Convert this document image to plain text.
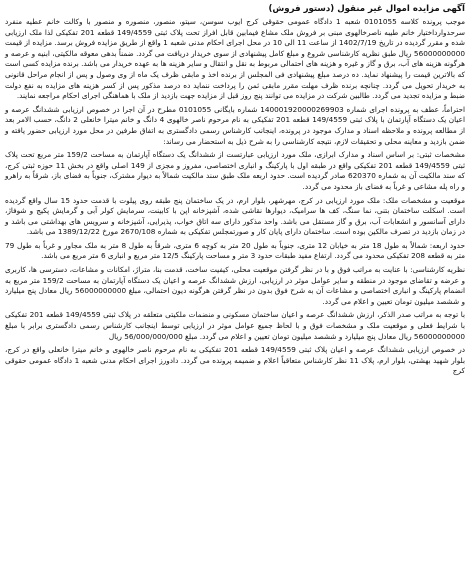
آگهی مزایده اموال غیر منقول (دستور فروش)

موجب پرونده کلاسه 0101055 شعبه 1 دادگاه عمومی حقوقی کرج ایوب سوسن، سیتو، منصور، منصوره و منصور با وکالت خانم عطیه منفرد سرحدوارداختیار خانم طیبه ناصرخالهوی مبنی بر فروش ملک مشاع فیمابین قابل افراز تحت پلاک ثبتی 149/4559 قطعه 201 تفکیکی لذا ملک ارزیابی شده و مقرر گردیده در تاریخ 1402/7/19 از ساعت 11 الی 10 در محل اجرای احکام مدنی شعبه 1 واقع از طریق مزایده فروش برسد. مزایده از قیمت 56000000000 ریال طبق نظریه کارشناسی شروع و مبلغ کامل پیشنهادی از سوی خریدار دریافت می گردد. ضمناً بدهی معوقه مالکیتی، ابنیه و عرصه و هرگونه هزینه های آب، برق و گاز و غیره و هزینه های احتمالی مربوط به نقل و انتقال و سایر هزینه ها به عهده خریدار می باشد. برنده مزایده کسی است که بالاترین قیمت را پیشنهاد نماید. ده درصد مبلغ پیشنهادی فی المجلس از برنده اخذ و مابقی ظرف یک ماه از وی وصول و پس از انجام مراحل قانونی به خریدار تحویل می گردد. چنانچه برنده ظرف مهلت مقرر مابقی ثمن را پرداخت ننماید ده درصد مذکور پس از کسر هزینه های مزایده به نفع دولت ضبط و مزایده تجدید می گردد. طالبین شرکت در مزایده می توانند پنج روز قبل از مزایده جهت بازدید از ملک با هماهنگی اجرای احکام مراجعه نمایند.

احتراماً، عطف به پرونده اجرای شماره 140001920000269903 شماره بایگانی 0101055 مطرح در آن اجرا در خصوص ارزیابی ششدانگ عرصه و اعیان یک دستگاه آپارتمان با پلاک ثبتی 149/4559 قطعه 201 تفکیکی به نام مرحوم ناصر خالهوی 4 دانگ و خانم میترا خانعلی 2 دانگ، حسب الامر بعد از مطالعه پرونده و ملاحظه اسناد و مدارک موجود در پرونده، اینجانب کارشناس رسمی دادگستری به اتفاق طرفین در محل مورد ارزیابی حضور یافته و ضمن بازدید و معاینه محلی و تحقیقات لازم، نتیجه کارشناسی را به شرح ذیل به استحضار می رساند:

مشخصات ثبتی: بر اساس اسناد و مدارک ابرازی، ملک مورد ارزیابی عبارتست از ششدانگ یک دستگاه آپارتمان به مساحت 159/2 متر مربع تحت پلاک ثبتی 149/4559 قطعه 201 تفکیکی واقع در طبقه اول با پارکینگ و انباری اختصاصی، مفروز و مجزی از 149 اصلی واقع در بخش 11 حوزه ثبتی کرج، که سند مالکیت آن به شماره 620370 صادر گردیده است. حدود اربعه ملک طبق سند مالکیت شمالاً به دیوار مشترک، جنوباً به فضای باز، شرقاً به راهرو و راه پله مشاعی و غرباً به فضای باز محدود می گردد.

موقعیت و مشخصات ملک: ملک مورد ارزیابی در کرج، مهرشهر، بلوار ارم، در یک ساختمان پنج طبقه روی پیلوت با قدمت حدود 15 سال واقع گردیده است. اسکلت ساختمان بتنی، نما سنگ، کف ها سرامیک، دیوارها نقاشی شده، آشپزخانه اپن با کابینت، سرمایش کولر آبی و گرمایش پکیج و شوفاژ، دارای آسانسور و انشعابات آب، برق و گاز مستقل می باشد. واحد مذکور دارای سه اتاق خواب، پذیرایی، آشپزخانه و سرویس های بهداشتی می باشد و در زمان بازدید در تصرف مالکین بوده است. ساختمان دارای پایان کار و صورتمجلس تفکیکی به شماره 2670/108 مورخ 1389/12/22 می باشد.

حدود اربعه: شمالاً به طول 18 متر به خیابان 12 متری، جنوباً به طول 20 متر به کوچه 6 متری، شرقاً به طول 8 متر به ملک مجاور و غرباً به طول 79 متر به قطعه 208 تفکیکی محدود می گردد. ارتفاع مفید طبقات حدود 3 متر و مساحت پارکینگ 12/5 متر مربع و انباری 6 متر مربع می باشد.

نظریه کارشناسی: با عنایت به مراتب فوق و با در نظر گرفتن موقعیت محلی، کیفیت ساخت، قدمت بنا، متراژ، امکانات و مشاعات، دسترسی ها، کاربری و عرضه و تقاضای موجود در منطقه و سایر عوامل موثر در ارزیابی، ارزش ششدانگ عرصه و اعیان یک دستگاه آپارتمان به مساحت 159/2 متر مربع به انضمام پارکینگ و انباری اختصاصی و مشاعات آن به شرح فوق بدون در نظر گرفتن هرگونه دیون احتمالی، مبلغ 56000000000 ریال معادل پنج میلیارد و ششصد میلیون تومان تعیین و اعلام می گردد.

با توجه به مراتب صدر الذکر، ارزش ششدانگ عرصه و اعیان ساختمان مسکونی و منضمات ملکیتی متعلقه در پلاک ثبتی 149/4559 قطعه 201 تفکیکی با شرایط فعلی و موقعیت ملک و مشخصات فوق و با لحاظ جمیع عوامل موثر در ارزیابی توسط اینجانب کارشناس رسمی دادگستری برابر با مبلغ 56000000000 ریال معادل پنج میلیارد و ششصد میلیون تومان تعیین و اعلام می گردد. مبلغ 56/000/000/000 ریال

در خصوص ارزیابی ششدانگ عرصه و اعیان پلاک ثبتی 149/4559 قطعه 201 تفکیکی به نام مرحوم ناصر خالهوی و خانم میترا خانعلی واقع در کرج، بلوار شهید بهشتی، بلوار ارم، پلاک 11 نظر کارشناس متعاقباً اعلام و ضمیمه پرونده می گردد. دادورز اجرای احکام مدنی شعبه 1 دادگاه عمومی حقوقی کرج
